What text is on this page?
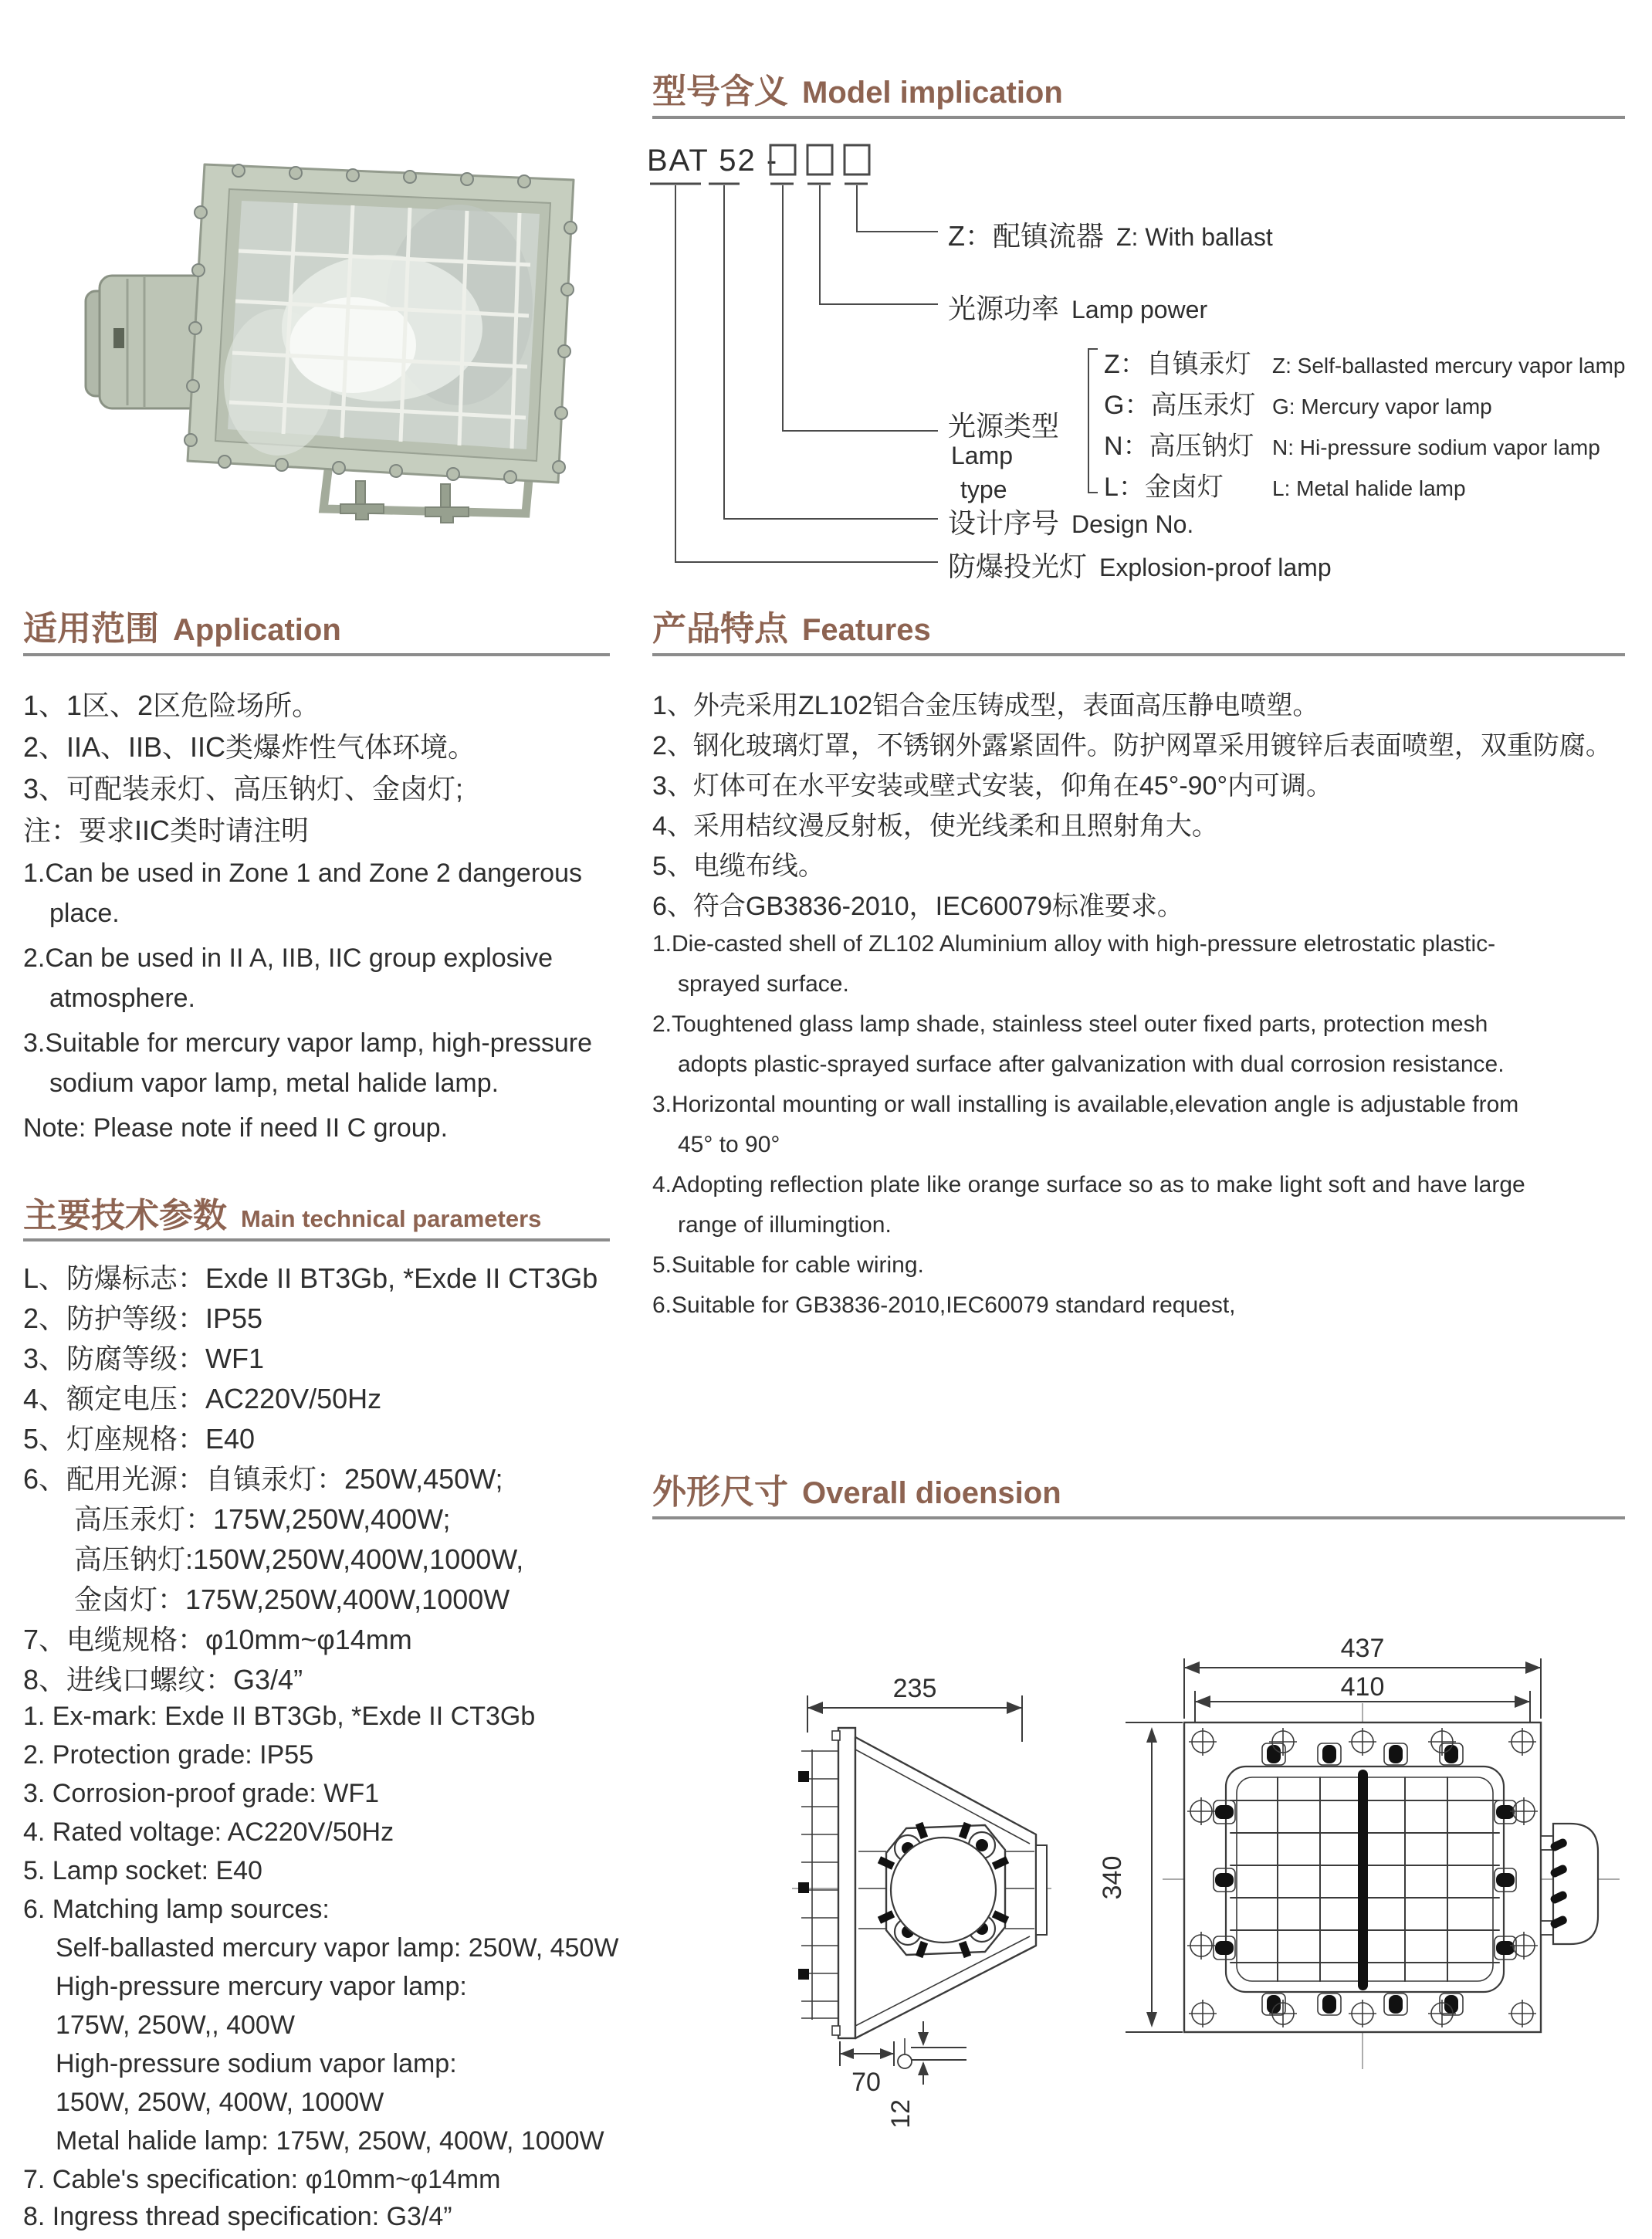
型号含义 Model implication
BAT 52 -
Z：配镇流器 Z: With ballast
光源功率 Lamp power
光源类型
Lamp
type
Z：自镇汞灯 Z: Self-ballasted mercury vapor lamp
G：高压汞灯 G: Mercury vapor lamp
N：高压钠灯 N: Hi-pressure sodium vapor lamp
L：金卤灯	L: Metal halide lamp
设计序号 Design No.
防爆投光灯 Explosion-proof lamp
适用范围 Application
1、1区、2区危险场所。
2、IIA、IIB、IIC类爆炸性气体环境。
3、可配装汞灯、高压钠灯、金卤灯;
注：要求IIC类时请注明
1.Can be used in Zone 1 and Zone 2 dangerous
place.
2.Can be used in II A, IIB, IIC group explosive
atmosphere.
3.Suitable for mercury vapor lamp, high-pressure
sodium vapor lamp, metal halide lamp.
Note: Please note if need II C group.
产品特点 Features
1、外壳采用ZL102铝合金压铸成型，表面高压静电喷塑。
2、钢化玻璃灯罩，不锈钢外露紧固件。防护网罩采用镀锌后表面喷塑，双重防腐。
3、灯体可在水平安装或壁式安装，仰角在45°-90°内可调。
4、采用桔纹漫反射板，使光线柔和且照射角大。
5、电缆布线。
6、符合GB3836-2010，IEC60079标准要求。
1.Die-casted shell of ZL102 Aluminium alloy with high-pressure eletrostatic plastic-
sprayed surface.
2.Toughtened glass lamp shade, stainless steel outer fixed parts, protection mesh
adopts plastic-sprayed surface after galvanization with dual corrosion resistance.
3.Horizontal mounting or wall installing is available,elevation angle is adjustable from
45° to 90°
4.Adopting reflection plate like orange surface so as to make light soft and have large
range of illumingtion.
5.Suitable for cable wiring.
6.Suitable for GB3836-2010,IEC60079 standard request,
主要技术参数 Main technical parameters
L、防爆标志：Exde II BT3Gb, *Exde II CT3Gb
2、防护等级：IP55
3、防腐等级：WF1
4、额定电压：AC220V/50Hz
5、灯座规格：E40
6、配用光源：自镇汞灯：250W,450W;
高压汞灯：175W,250W,400W;
高压钠灯:150W,250W,400W,1000W,
金卤灯：175W,250W,400W,1000W
7、电缆规格：φ10mm~φ14mm
8、进线口螺纹：G3/4”
1. Ex-mark: Exde II BT3Gb, *Exde II CT3Gb
2. Protection grade: IP55
3. Corrosion-proof grade: WF1
4. Rated voltage: AC220V/50Hz
5. Lamp socket: E40
6. Matching lamp sources:
Self-ballasted mercury vapor lamp: 250W, 450W
High-pressure mercury vapor lamp:
175W, 250W,, 400W
High-pressure sodium vapor lamp:
150W, 250W, 400W, 1000W
Metal halide lamp: 175W, 250W, 400W, 1000W
7. Cable's specification: φ10mm~φ14mm
8. Ingress thread specification: G3/4”
外形尺寸 Overall dioension
235
70
12
437
410
340
